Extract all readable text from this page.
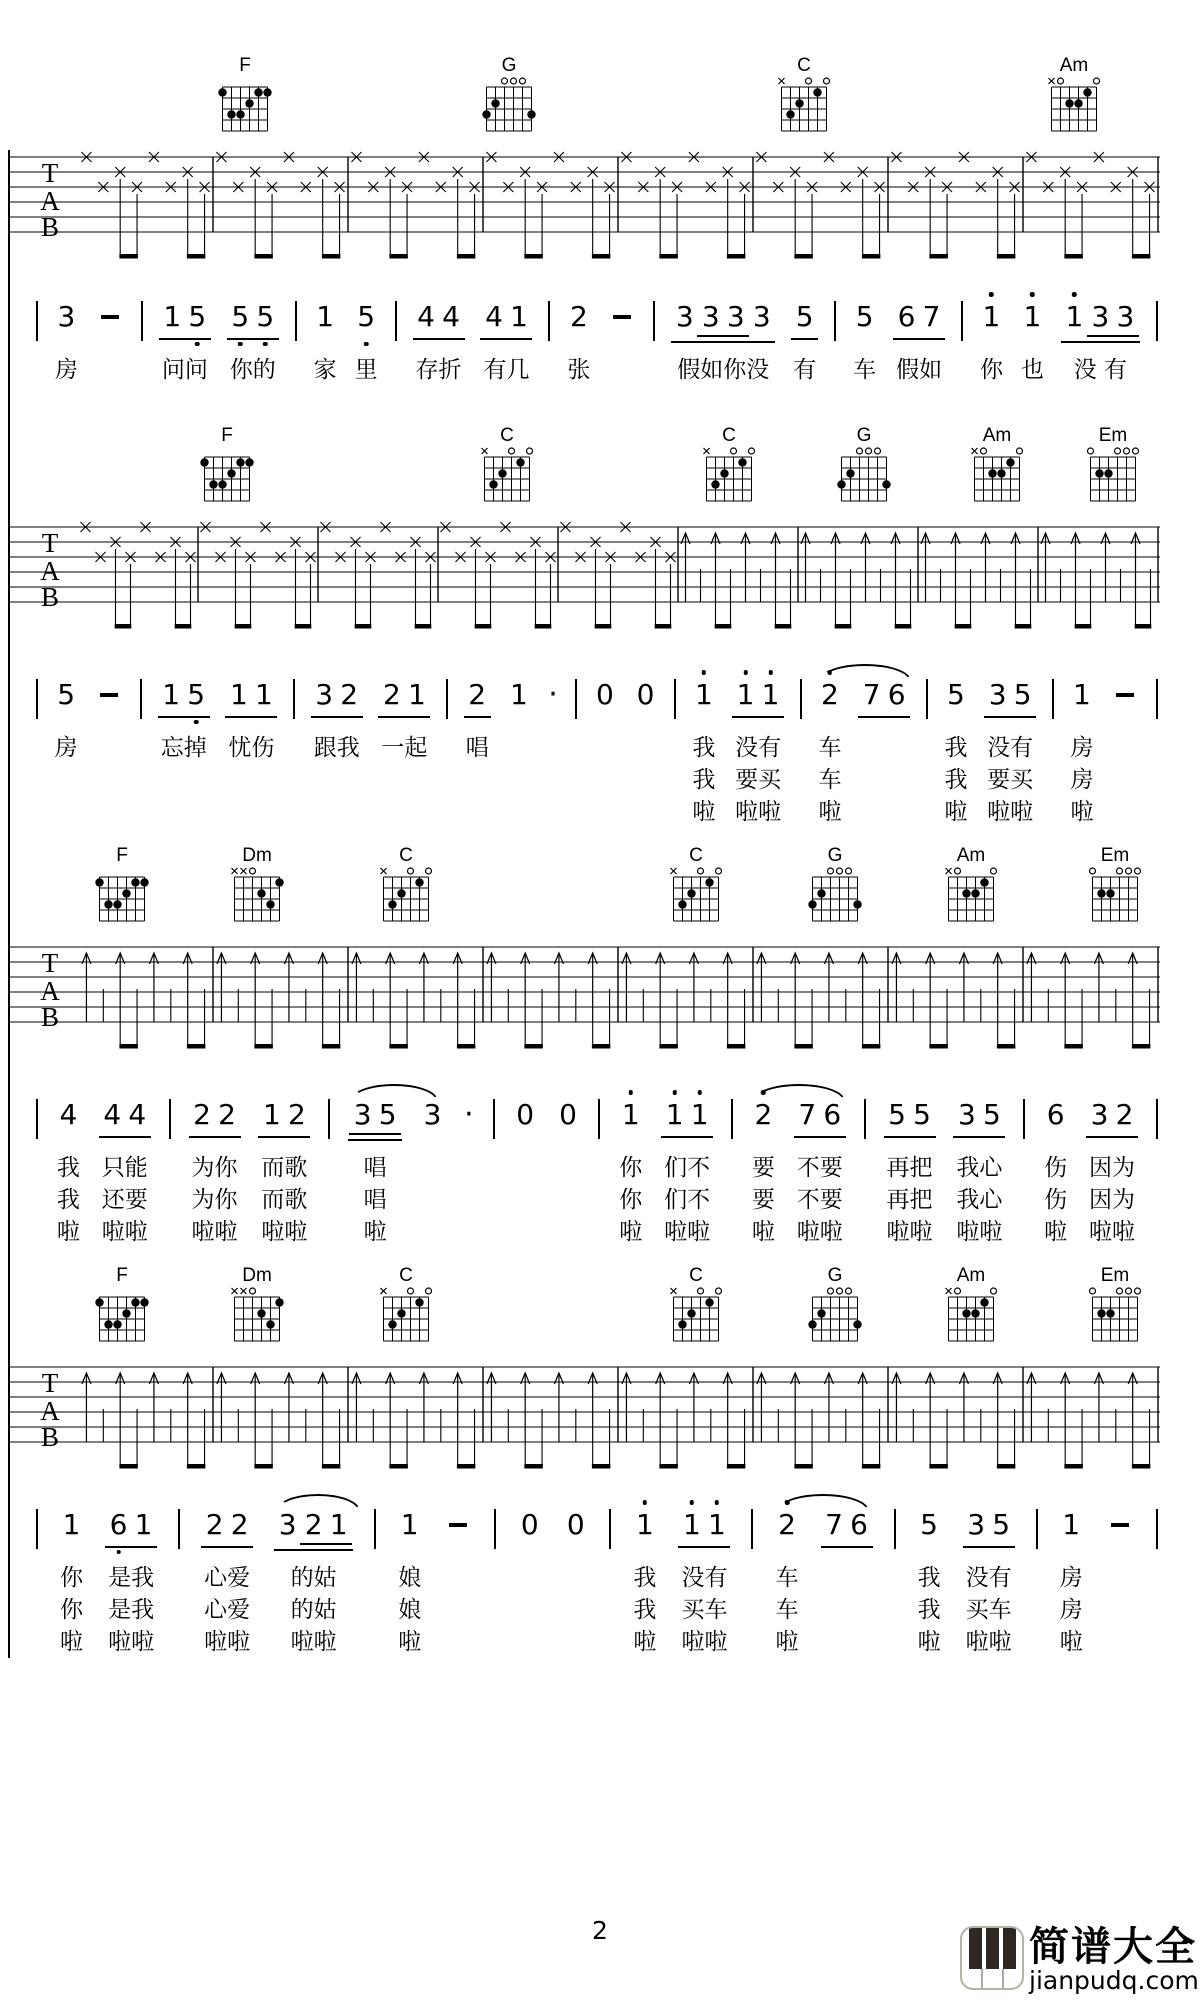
F	G	C	Am
T
A
B
F	C	C	G	Am	Em
T
A
B
F	Dm	C	C	G	Am	Em
T
A
B
F	Dm	C	C	G	Am	Em
T
A
B
3
房
1 5
问问
5 5
你的
1
家
5
里
4 4
存折
4 1
有几
2
张
3 3 3 3
假如你没
5
有
5
车
6 7
假如
1
你
1
也
1 3 3
没 有
5
房
1 5
忘掉
1 1
忧伤
3 2
跟我
2 1
一起
2
唱
1 · 0 0 1
我
我
啦
1 1
没有
要买
啦啦
2
车
车
啦
7 6 5
我
我
啦
3 5
没有
要买
啦啦
1
房
房
啦
4
我
我
啦
4 4
只能
还要
啦啦
2 2
为你
为你
啦啦
1 2
而歌
而歌
啦啦
3 5
唱
唱
啦
3 · 0 0 1
你
你
啦
1 1
们不
们不
啦啦
2
要
要
啦
7 6
不要
不要
啦啦
5 5
再把
再把
啦啦
3 5
我心
我心
啦啦
6
伤
伤
啦
3 2
因为
因为
啦啦
1
你
你
啦
6 1
是我
是我
啦啦
2 2
心爱
心爱
啦啦
3 2 1
的姑
的姑
啦啦
1
娘
娘
啦
0 0 1
我
我
啦
1 1
没有
买车
啦啦
2
车
车
啦
7 6 5
我
我
啦
3 5
没有
买车
啦啦
1
房
房
啦
2	简谱大全
jianpudq.com
